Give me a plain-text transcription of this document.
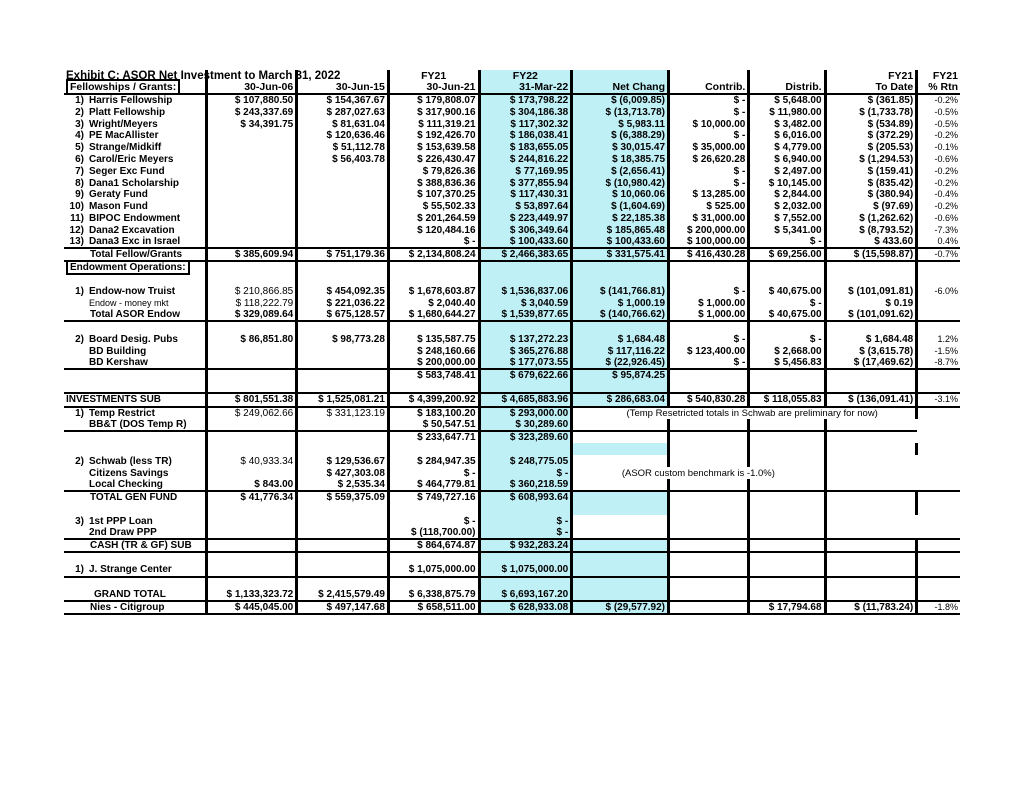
Exhibit C: ASOR Net Investment to March 31, 2022			FY21	FY22				FY21	FY21
Fellowships / Grants:	30-Jun-06	30-Jun-15	30-Jun-21	31-Mar-22	Net Chang	Contrib.	Distrib.	To Date	% Rtn
1) Harris Fellowship	$ 107,880.50	$ 154,367.67	$ 179,808.07	$ 173,798.22	$ (6,009.85)	$ -	$ 5,648.00	$ (361.85)	-0.2%
2) Platt Fellowship	$ 243,337.69	$ 287,027.63	$ 317,900.16	$ 304,186.38	$ (13,713.78)	$ -	$ 11,980.00	$ (1,733.78)	-0.5%
3) Wright/Meyers	$ 34,391.75	$ 81,631.04	$ 111,319.21	$ 117,302.32	$ 5,983.11	$ 10,000.00	$ 3,482.00	$ (534.89)	-0.5%
4) PE MacAllister		$ 120,636.46	$ 192,426.70	$ 186,038.41	$ (6,388.29)	$ -	$ 6,016.00	$ (372.29)	-0.2%
5) Strange/Midkiff		$ 51,112.78	$ 153,639.58	$ 183,655.05	$ 30,015.47	$ 35,000.00	$ 4,779.00	$ (205.53)	-0.1%
6) Carol/Eric Meyers		$ 56,403.78	$ 226,430.47	$ 244,816.22	$ 18,385.75	$ 26,620.28	$ 6,940.00	$ (1,294.53)	-0.6%
7) Seger Exc Fund			$ 79,826.36	$ 77,169.95	$ (2,656.41)	$ -	$ 2,497.00	$ (159.41)	-0.2%
8) Dana1 Scholarship			$ 388,836.36	$ 377,855.94	$ (10,980.42)	$ -	$ 10,145.00	$ (835.42)	-0.2%
9) Geraty Fund			$ 107,370.25	$ 117,430.31	$ 10,060.06	$ 13,285.00	$ 2,844.00	$ (380.94)	-0.4%
10) Mason Fund			$ 55,502.33	$ 53,897.64	$ (1,604.69)	$ 525.00	$ 2,032.00	$ (97.69)	-0.2%
11) BIPOC Endowment			$ 201,264.59	$ 223,449.97	$ 22,185.38	$ 31,000.00	$ 7,552.00	$ (1,262.62)	-0.6%
12) Dana2 Excavation			$ 120,484.16	$ 306,349.64	$ 185,865.48	$ 200,000.00	$ 5,341.00	$ (8,793.52)	-7.3%
13) Dana3 Exc in Israel			$ -	$ 100,433.60	$ 100,433.60	$ 100,000.00	$ -	$ 433.60	0.4%
Total Fellow/Grants	$ 385,609.94	$ 751,179.36	$ 2,134,808.24	$ 2,466,383.65	$ 331,575.41	$ 416,430.28	$ 69,256.00	$ (15,598.87)	-0.7%
Endowment Operations:									

1) Endow-now Truist	$ 210,866.85	$ 454,092.35	$ 1,678,603.87	$ 1,536,837.06	$ (141,766.81)	$ -	$ 40,675.00	$ (101,091.81)	-6.0%
Endow - money mkt	$ 118,222.79	$ 221,036.22	$ 2,040.40	$ 3,040.59	$ 1,000.19	$ 1,000.00	$ -	$ 0.19	
Total ASOR Endow	$ 329,089.64	$ 675,128.57	$ 1,680,644.27	$ 1,539,877.65	$ (140,766.62)	$ 1,000.00	$ 40,675.00	$ (101,091.62)	

2) Board Desig. Pubs	$ 86,851.80	$ 98,773.28	$ 135,587.75	$ 137,272.23	$ 1,684.48	$ -	$ -	$ 1,684.48	1.2%
BD Building			$ 248,160.66	$ 365,276.88	$ 117,116.22	$ 123,400.00	$ 2,668.00	$ (3,615.78)	-1.5%
BD Kershaw			$ 200,000.00	$ 177,073.55	$ (22,926.45)	$ -	$ 5,456.83	$ (17,469.62)	-8.7%
			$ 583,748.41	$ 679,622.66	$ 95,874.25				

INVESTMENTS SUB	$ 801,551.38	$ 1,525,081.21	$ 4,399,200.92	$ 4,685,883.96	$ 286,683.04	$ 540,830.28	$ 118,055.83	$ (136,091.41)	-3.1%
1) Temp Restrict	$ 249,062.66	$ 331,123.19	$ 183,100.20	$ 293,000.00	(Temp Resetricted totals in Schwab are preliminary for now)				
BB&T (DOS Temp R)			$ 50,547.51	$ 30,289.60					
			$ 233,647.71	$ 323,289.60					

2) Schwab (less TR)	$ 40,933.34	$ 129,536.67	$ 284,947.35	$ 248,775.05					
Citizens Savings		$ 427,303.08	$ -	$ -	(ASOR custom benchmark is -1.0%)				
Local Checking	$ 843.00	$ 2,535.34	$ 464,779.81	$ 360,218.59					
TOTAL GEN FUND	$ 41,776.34	$ 559,375.09	$ 749,727.16	$ 608,993.64					

3) 1st PPP Loan			$ -	$ -					
2nd Draw PPP			$ (118,700.00)	$ -					
CASH (TR & GF) SUB			$ 864,674.87	$ 932,283.24					

1) J. Strange Center			$ 1,075,000.00	$ 1,075,000.00					

GRAND TOTAL	$ 1,133,323.72	$ 2,415,579.49	$ 6,338,875.79	$ 6,693,167.20					
Nies - Citigroup	$ 445,045.00	$ 497,147.68	$ 658,511.00	$ 628,933.08	$ (29,577.92)		$ 17,794.68	$ (11,783.24)	-1.8%
